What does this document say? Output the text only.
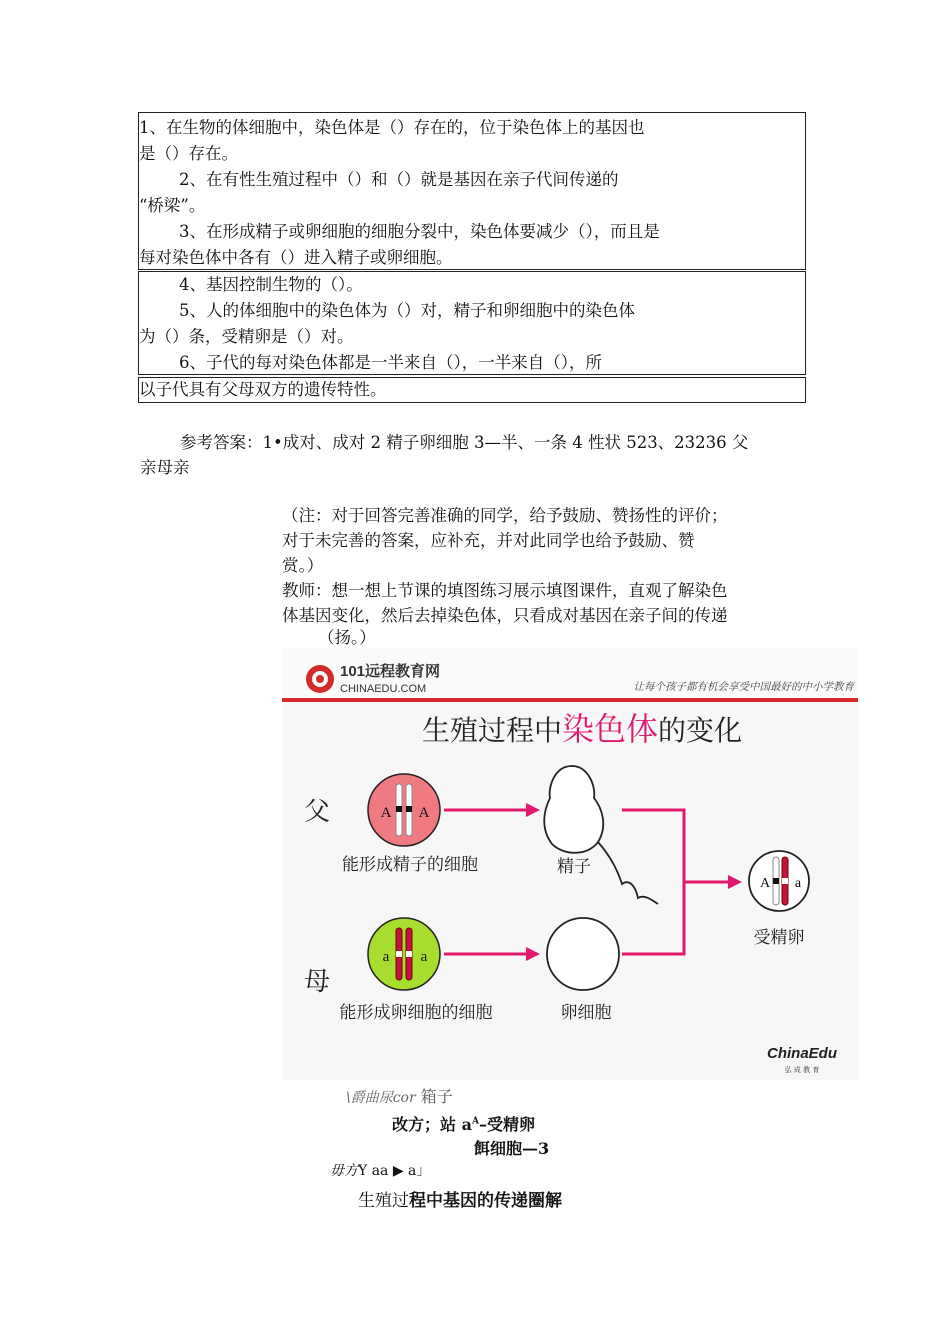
1、在生物的体细胞中，染色体是（）存在的，位于染色体上的基因也

是（）存在。

2、在有性生殖过程中（）和（）就是基因在亲子代间传递的

“桥梁”。

3、在形成精子或卵细胞的细胞分裂中，染色体要减少（），而且是

每对染色体中各有（）进入精子或卵细胞。

4、基因控制生物的（）。

5、人的体细胞中的染色体为（）对，精子和卵细胞中的染色体

为（）条，受精卵是（）对。

6、子代的每对染色体都是一半来自（），一半来自（），所

以子代具有父母双方的遗传特性。

参考答案：1•成对、成对 2 精子卵细胞 3—半、一条 4 性状 523、23236 父

亲母亲

（注：对于回答完善准确的同学，给予鼓励、赞扬性的评价；

对于未完善的答案，应补充，并对此同学也给予鼓励、赞

赏。）

教师：想一想上节课的填图练习展示填图课件，直观了解染色

体基因变化，然后去掉染色体，只看成对基因在亲子间的传递

（扬。）

101远程教育网
CHINAEDU.COM	让每个孩子都有机会享受中国最好的中小学教育
生殖过程中染色体的变化
父
母
A A
能形成精子的细胞	精子
a a
能形成卵细胞的细胞	卵细胞
A a
受精卵
ChinaEdu
弘 成 教 育
\爵曲尿cor 箱子
改方；站 $a^A-$受精卵
餌细胞—3
毋方Y aa ▶ a」
生殖过程中基因的传递圈解
